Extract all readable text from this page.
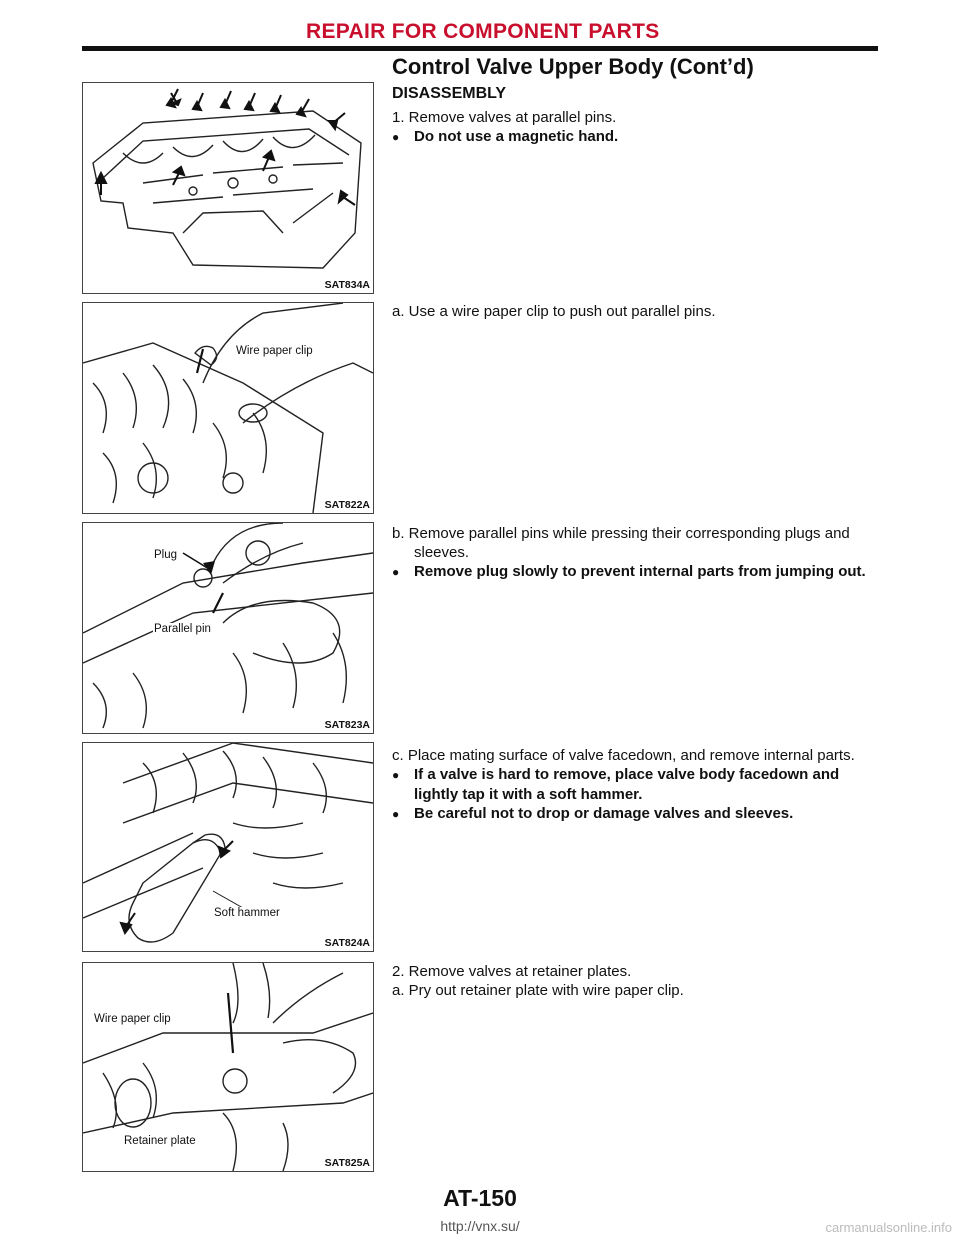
REPAIR FOR COMPONENT PARTS
Control Valve Upper Body (Cont’d)
SAT834A
Wire paper clip
SAT822A
Plug
Parallel pin
SAT823A
Soft hammer
SAT824A
Wire paper clip
Retainer plate
SAT825A
DISASSEMBLY

1. Remove valves at parallel pins.

● Do not use a magnetic hand.

a. Use a wire paper clip to push out parallel pins.

b. Remove parallel pins while pressing their corresponding plugs and sleeves.

● Remove plug slowly to prevent internal parts from jumping out.

c. Place mating surface of valve facedown, and remove internal parts.

● If a valve is hard to remove, place valve body facedown and lightly tap it with a soft hammer.

● Be careful not to drop or damage valves and sleeves.

2. Remove valves at retainer plates.

a. Pry out retainer plate with wire paper clip.

AT-150
http://vnx.su/	carmanualsonline.info
